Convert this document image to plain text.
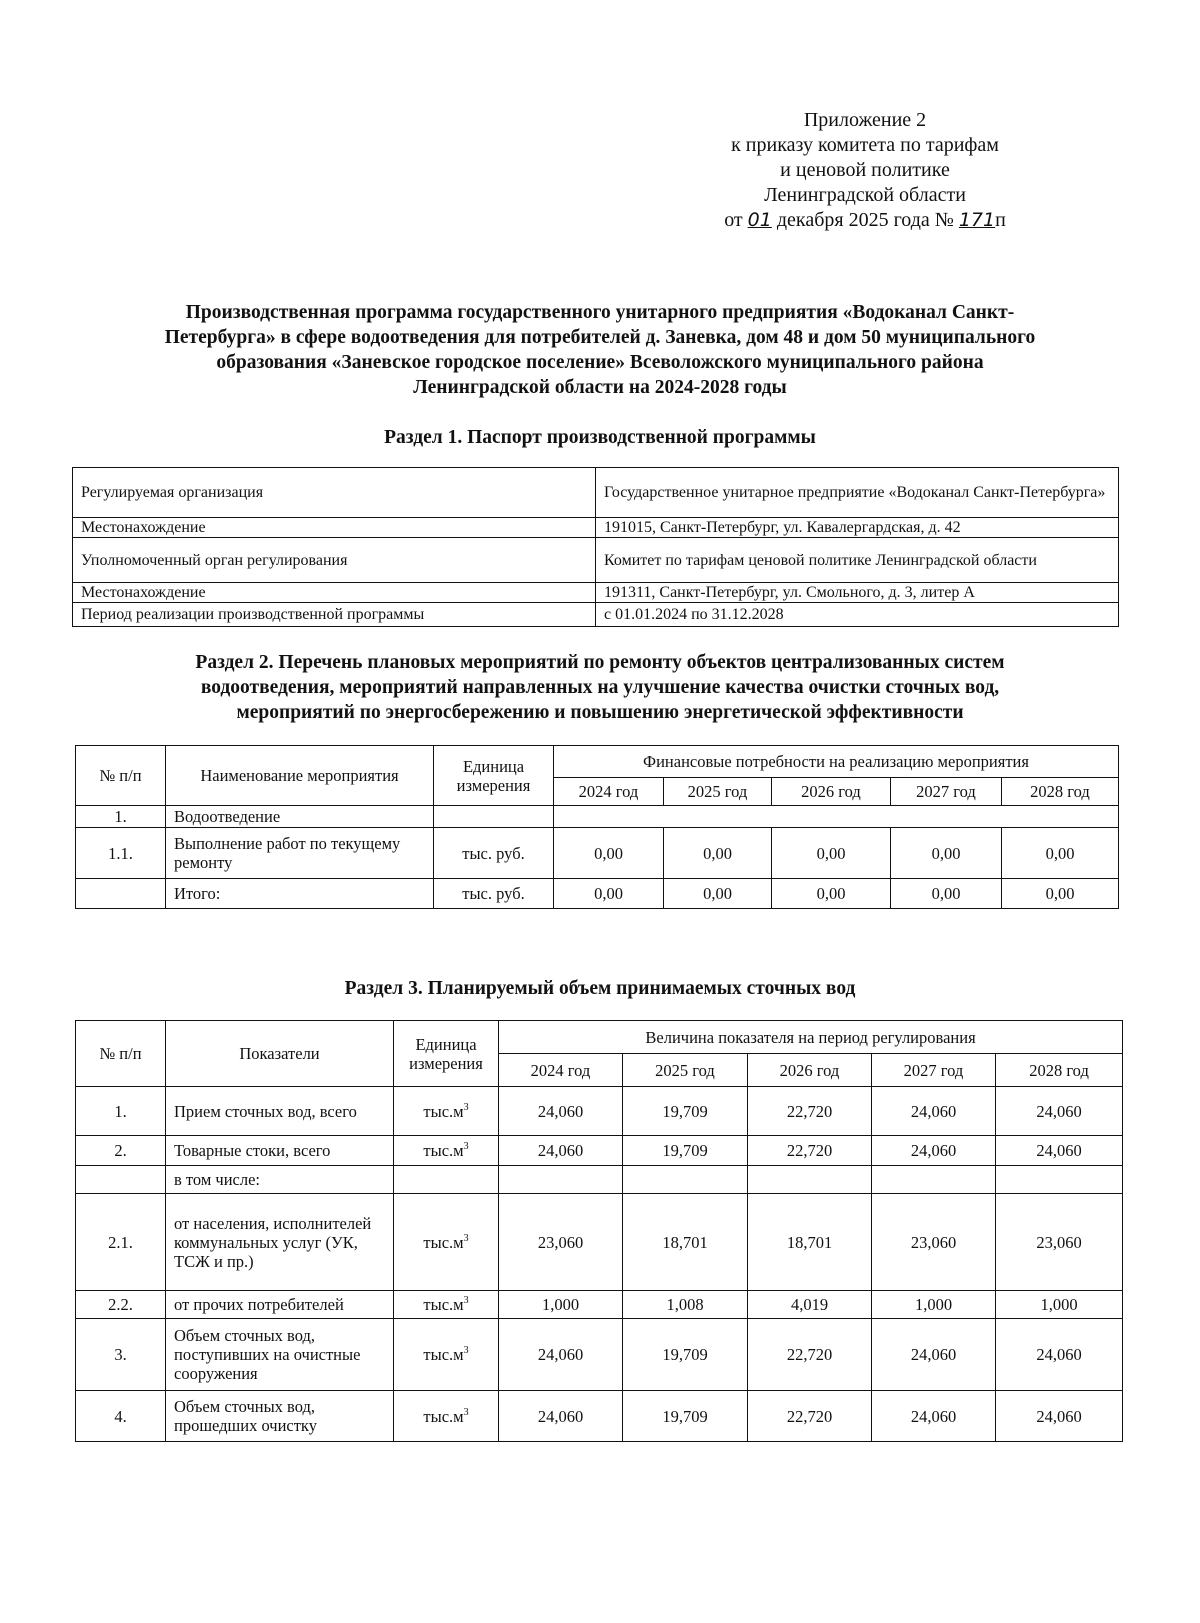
Приложение 2
к приказу комитета по тарифам
и ценовой политике
Ленинградской области
от 01 декабря 2025 года № 171п
Производственная программа государственного унитарного предприятия «Водоканал Санкт-
Петербурга» в сфере водоотведения для потребителей д. Заневка, дом 48 и дом 50 муниципального
образования «Заневское городское поселение» Всеволожского муниципального района
Ленинградской области на 2024-2028 годы
Раздел 1. Паспорт производственной программы
Регулируемая организация	Государственное унитарное предприятие «Водоканал Санкт-Петербурга»
Местонахождение	191015, Санкт-Петербург, ул. Кавалергардская, д. 42
Уполномоченный орган регулирования	Комитет по тарифам ценовой политике Ленинградской области
Местонахождение	191311, Санкт-Петербург, ул. Смольного, д. 3, литер А
Период реализации производственной программы	с 01.01.2024 по 31.12.2028
Раздел 2. Перечень плановых мероприятий по ремонту объектов централизованных систем
водоотведения, мероприятий направленных на улучшение качества очистки сточных вод,
мероприятий по энергосбережению и повышению энергетической эффективности
№ п/п	Наименование мероприятия	Единица измерения	Финансовые потребности на реализацию мероприятия				
			2024 год	2025 год	2026 год	2027 год	2028 год
1.	Водоотведение						
1.1.	Выполнение работ по текущему ремонту	тыс. руб.	0,00	0,00	0,00	0,00	0,00
	Итого:	тыс. руб.	0,00	0,00	0,00	0,00	0,00
Раздел 3. Планируемый объем принимаемых сточных вод
№ п/п	Показатели	Единица измерения	Величина показателя на период регулирования				
			2024 год	2025 год	2026 год	2027 год	2028 год
1.	Прием сточных вод, всего	$тыс.м^3$	24,060	19,709	22,720	24,060	24,060
2.	Товарные стоки, всего	$тыс.м^3$	24,060	19,709	22,720	24,060	24,060
	в том числе:						
2.1.	от населения, исполнителей коммунальных услуг (УК, ТСЖ и пр.)	$тыс.м^3$	23,060	18,701	18,701	23,060	23,060
2.2.	от прочих потребителей	$тыс.м^3$	1,000	1,008	4,019	1,000	1,000
3.	Объем сточных вод, поступивших на очистные сооружения	$тыс.м^3$	24,060	19,709	22,720	24,060	24,060
4.	Объем сточных вод, прошедших очистку	$тыс.м^3$	24,060	19,709	22,720	24,060	24,060
